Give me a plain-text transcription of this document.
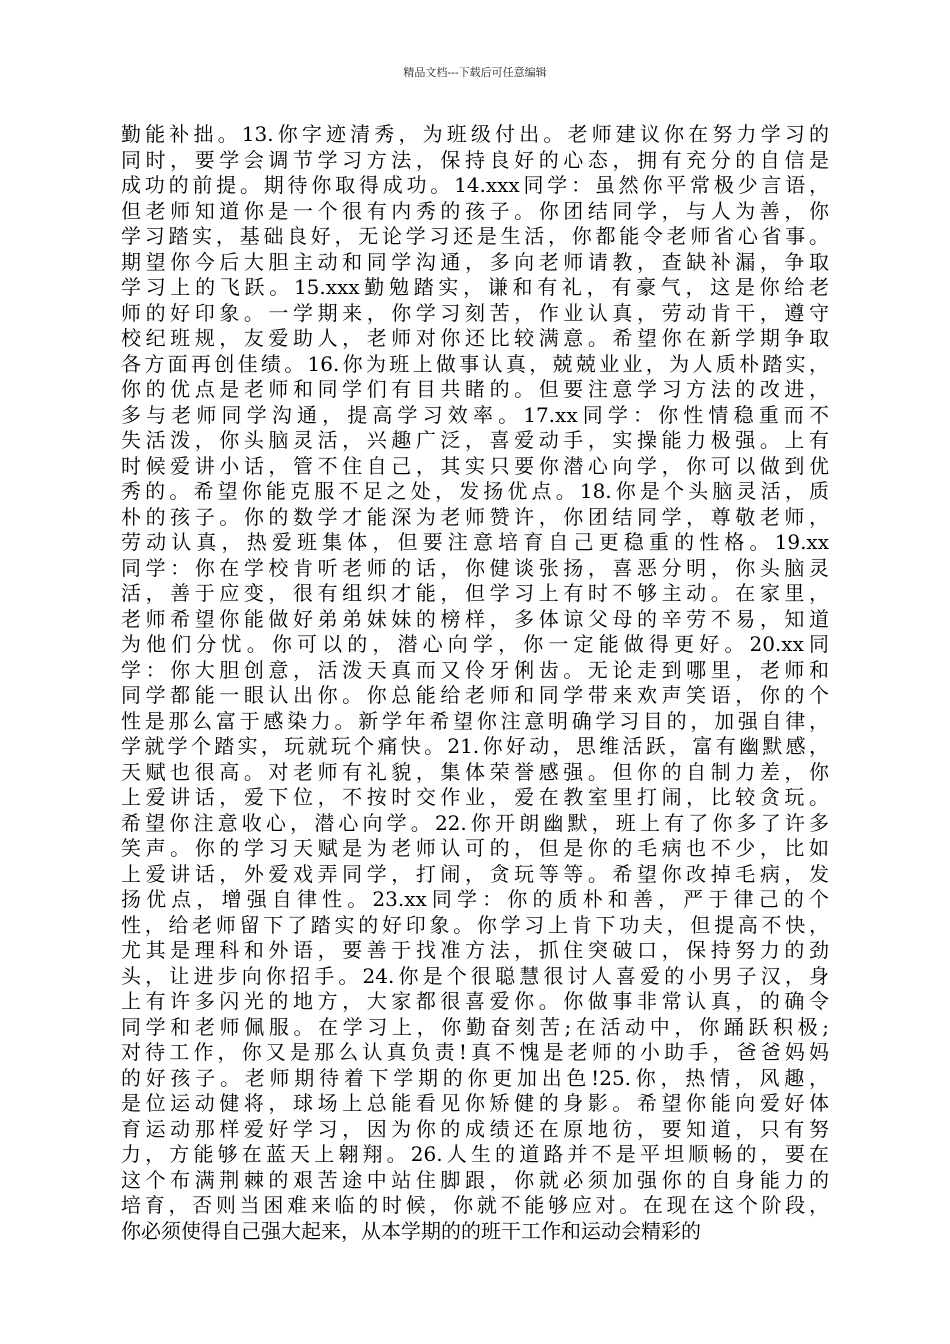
精品文档---下载后可任意编辑
勤能补拙。13.你字迹清秀，为班级付出。老师建议你在努力学习的
同时，要学会调节学习方法，保持良好的心态，拥有充分的自信是
成功的前提。期待你取得成功。14.xxx同学：虽然你平常极少言语，
但老师知道你是一个很有内秀的孩子。你团结同学，与人为善，你
学习踏实，基础良好，无论学习还是生活，你都能令老师省心省事。
期望你今后大胆主动和同学沟通，多向老师请教，查缺补漏，争取
学习上的飞跃。15.xxx勤勉踏实，谦和有礼，有豪气，这是你给老
师的好印象。一学期来，你学习刻苦，作业认真，劳动肯干，遵守
校纪班规，友爱助人，老师对你还比较满意。希望你在新学期争取
各方面再创佳绩。16.你为班上做事认真，兢兢业业，为人质朴踏实，
你的优点是老师和同学们有目共睹的。但要注意学习方法的改进，
多与老师同学沟通，提高学习效率。17.xx同学：你性情稳重而不
失活泼，你头脑灵活，兴趣广泛，喜爱动手，实操能力极强。上有
时候爱讲小话，管不住自己，其实只要你潜心向学，你可以做到优
秀的。希望你能克服不足之处，发扬优点。18.你是个头脑灵活，质
朴的孩子。你的数学才能深为老师赞许，你团结同学，尊敬老师，
劳动认真，热爱班集体，但要注意培育自己更稳重的性格。19.xx
同学：你在学校肯听老师的话，你健谈张扬，喜恶分明，你头脑灵
活，善于应变，很有组织才能，但学习上有时不够主动。在家里，
老师希望你能做好弟弟妹妹的榜样，多体谅父母的辛劳不易，知道
为他们分忧。你可以的，潜心向学，你一定能做得更好。20.xx同
学：你大胆创意，活泼天真而又伶牙俐齿。无论走到哪里，老师和
同学都能一眼认出你。你总能给老师和同学带来欢声笑语，你的个
性是那么富于感染力。新学年希望你注意明确学习目的，加强自律，
学就学个踏实，玩就玩个痛快。21.你好动，思维活跃，富有幽默感，
天赋也很高。对老师有礼貌，集体荣誉感强。但你的自制力差，你
上爱讲话，爱下位，不按时交作业，爱在教室里打闹，比较贪玩。
希望你注意收心，潜心向学。22.你开朗幽默，班上有了你多了许多
笑声。你的学习天赋是为老师认可的，但是你的毛病也不少，比如
上爱讲话，外爱戏弄同学，打闹，贪玩等等。希望你改掉毛病，发
扬优点，增强自律性。23.xx同学：你的质朴和善，严于律己的个
性，给老师留下了踏实的好印象。你学习上肯下功夫，但提高不快，
尤其是理科和外语，要善于找准方法，抓住突破口，保持努力的劲
头，让进步向你招手。24.你是个很聪慧很讨人喜爱的小男子汉，身
上有许多闪光的地方，大家都很喜爱你。你做事非常认真，的确令
同学和老师佩服。在学习上，你勤奋刻苦;在活动中，你踊跃积极;
对待工作，你又是那么认真负责!真不愧是老师的小助手，爸爸妈妈
的好孩子。老师期待着下学期的你更加出色!25.你，热情，风趣，
是位运动健将，球场上总能看见你矫健的身影。希望你能向爱好体
育运动那样爱好学习，因为你的成绩还在原地彷，要知道，只有努
力，方能够在蓝天上翱翔。26.人生的道路并不是平坦顺畅的，要在
这个布满荆棘的艰苦途中站住脚跟，你就必须加强你的自身能力的
培育，否则当困难来临的时候，你就不能够应对。在现在这个阶段，
你必须使得自己强大起来，从本学期的的班干工作和运动会精彩的
